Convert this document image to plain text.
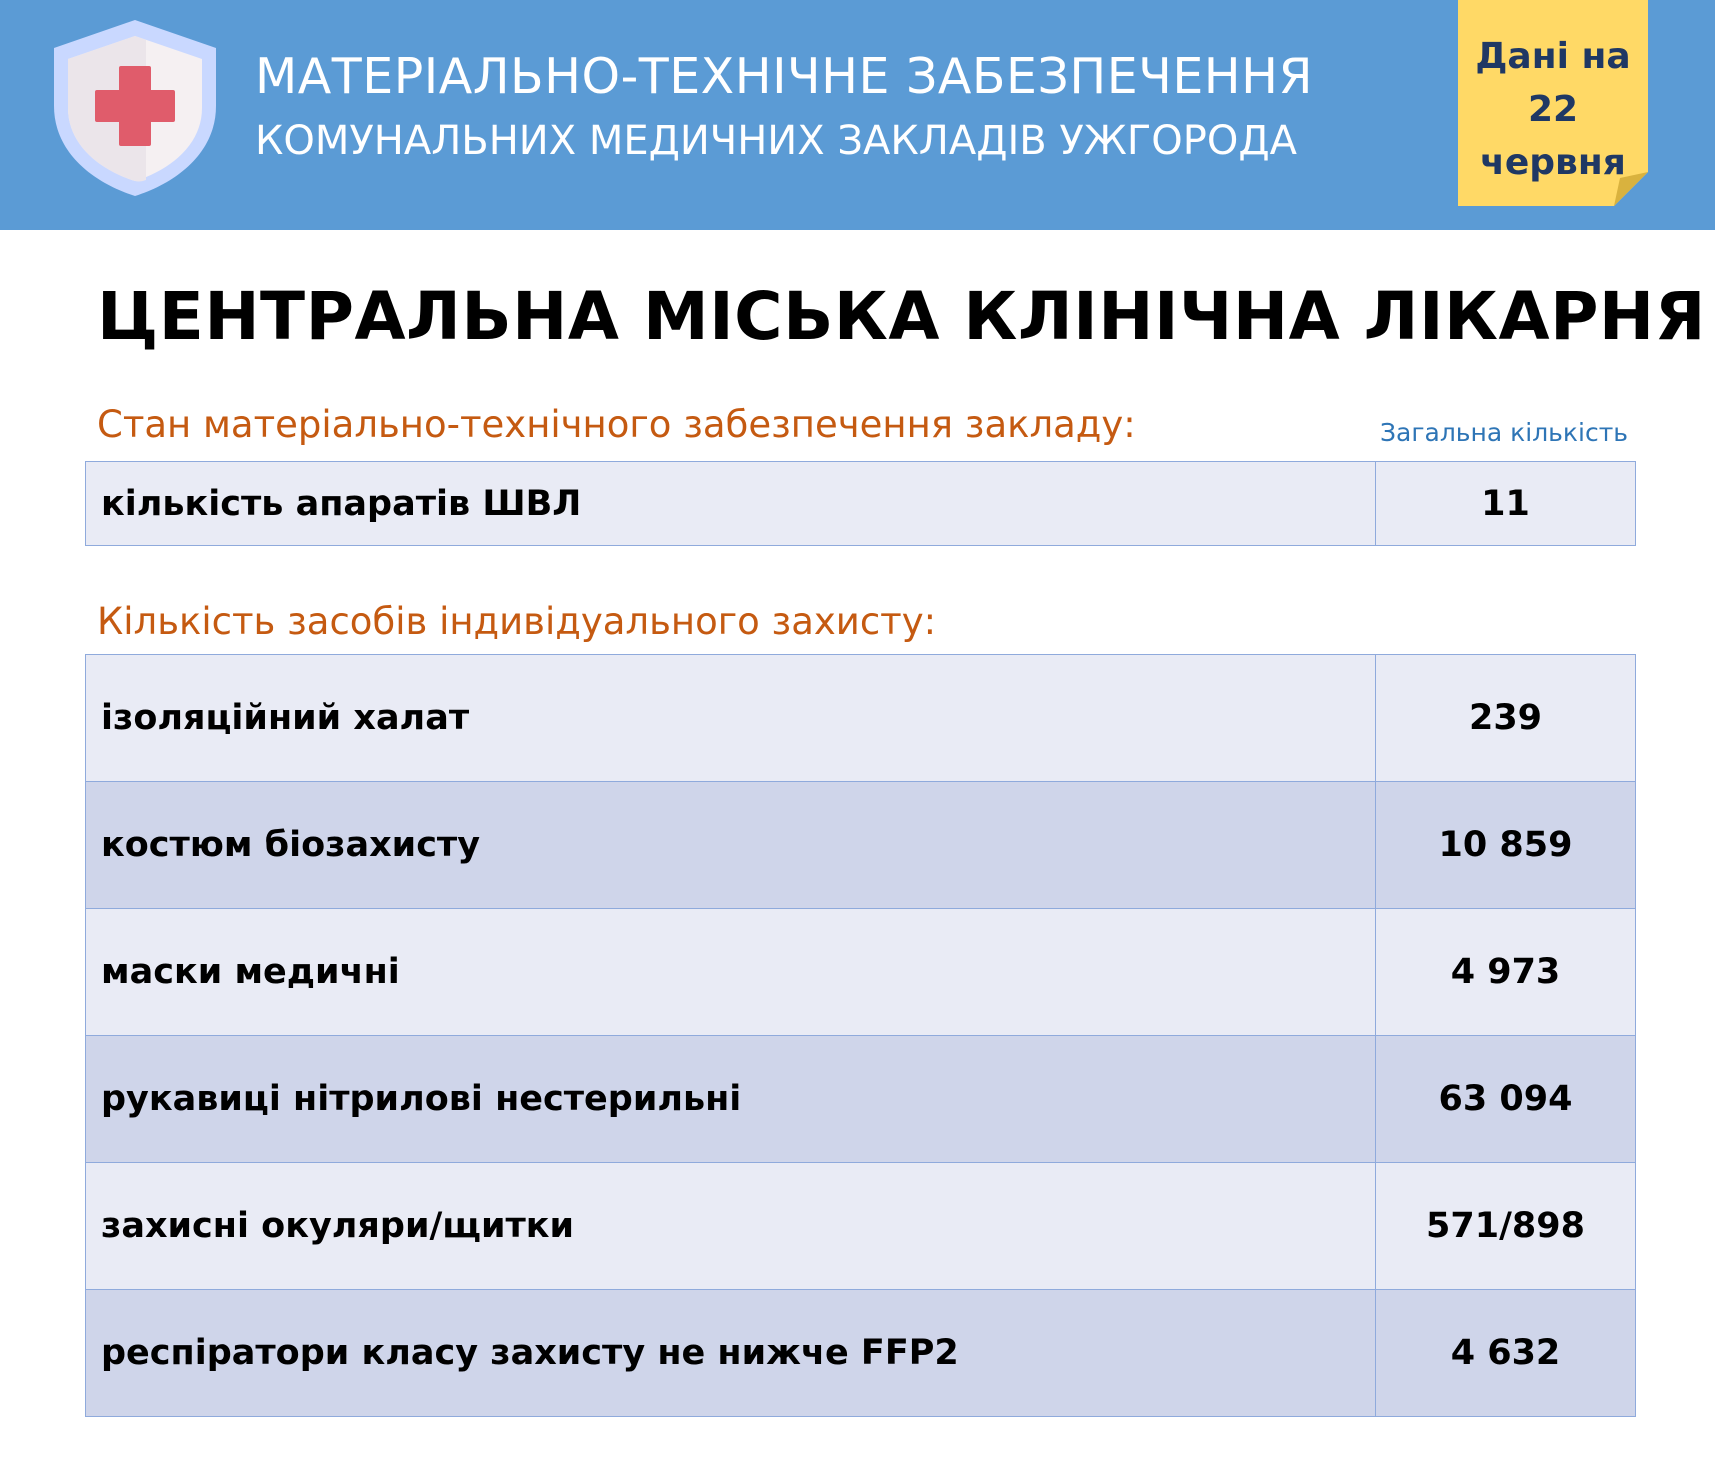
МАТЕРІАЛЬНО-ТЕХНІЧНЕ ЗАБЕЗПЕЧЕННЯ
КОМУНАЛЬНИХ МЕДИЧНИХ ЗАКЛАДІВ УЖГОРОДА
Дані на
22
червня
ЦЕНТРАЛЬНА МІСЬКА КЛІНІЧНА ЛІКАРНЯ
Стан матеріально-технічного забезпечення закладу:	Загальна кількість
кількість апаратів ШВЛ	11
Кількість засобів індивідуального захисту:
ізоляційний халат	239
костюм біозахисту	10 859
маски медичні	4 973
рукавиці нітрилові нестерильні	63 094
захисні окуляри/щитки	571/898
респіратори класу захисту не нижче FFP2	4 632
